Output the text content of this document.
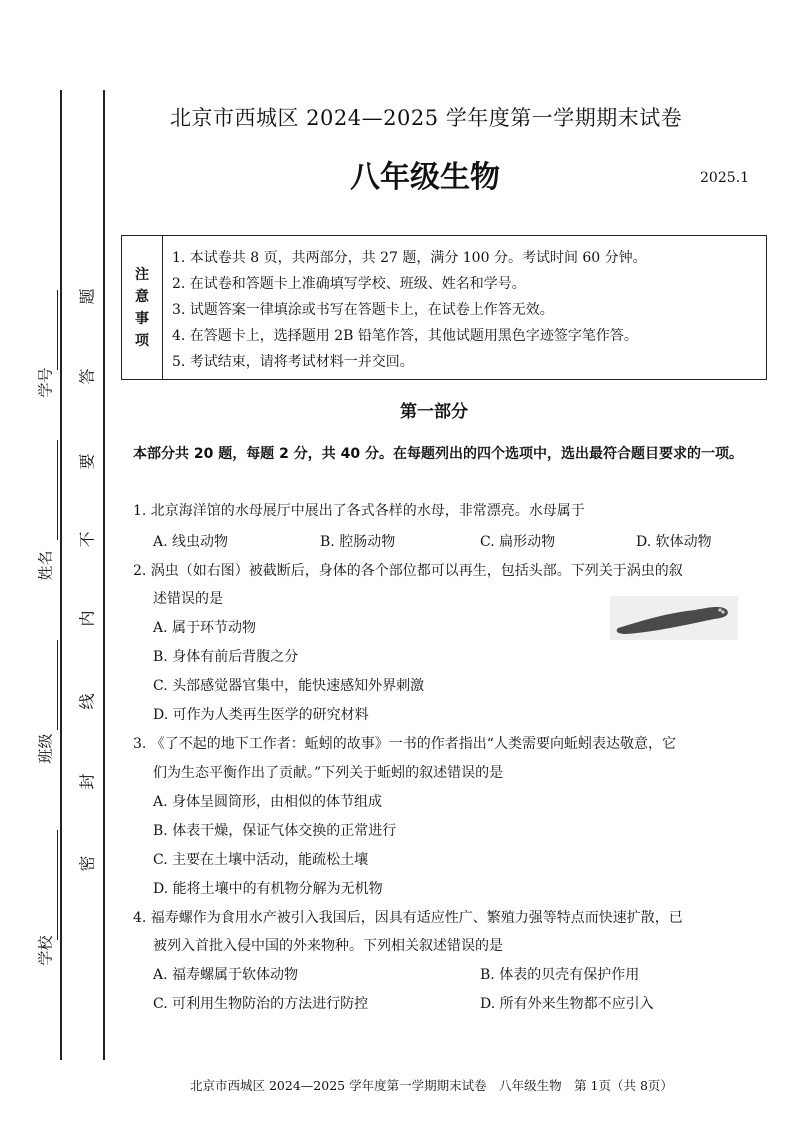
学号
姓名
班级
学校
题
答
要
不
内
线
封
密
北京市西城区 2024—2025 学年度第一学期期末试卷
八年级生物	2025.1
注
意
事
项
1. 本试卷共 8 页，共两部分，共 27 题，满分 100 分。考试时间 60 分钟。
2. 在试卷和答题卡上准确填写学校、班级、姓名和学号。
3. 试题答案一律填涂或书写在答题卡上，在试卷上作答无效。
4. 在答题卡上，选择题用 2B 铅笔作答，其他试题用黑色字迹签字笔作答。
5. 考试结束，请将考试材料一并交回。
第一部分
本部分共 20 题，每题 2 分，共 40 分。在每题列出的四个选项中，选出最符合题目要求的一项。
1. 北京海洋馆的水母展厅中展出了各式各样的水母，非常漂亮。水母属于
A. 线虫动物	B. 腔肠动物	C. 扁形动物	D. 软体动物
2. 涡虫（如右图）被截断后，身体的各个部位都可以再生，包括头部。下列关于涡虫的叙
述错误的是
A. 属于环节动物
B. 身体有前后背腹之分
C. 头部感觉器官集中，能快速感知外界刺激
D. 可作为人类再生医学的研究材料
3. 《了不起的地下工作者：蚯蚓的故事》一书的作者指出“人类需要向蚯蚓表达敬意，它
们为生态平衡作出了贡献。”下列关于蚯蚓的叙述错误的是
A. 身体呈圆筒形，由相似的体节组成
B. 体表干燥，保证气体交换的正常进行
C. 主要在土壤中活动，能疏松土壤
D. 能将土壤中的有机物分解为无机物
4. 福寿螺作为食用水产被引入我国后，因具有适应性广、繁殖力强等特点而快速扩散，已
被列入首批入侵中国的外来物种。下列相关叙述错误的是
A. 福寿螺属于软体动物	B. 体表的贝壳有保护作用
C. 可利用生物防治的方法进行防控	D. 所有外来生物都不应引入
北京市西城区 2024—2025 学年度第一学期期末试卷　八年级生物　第 1页（共 8页）
